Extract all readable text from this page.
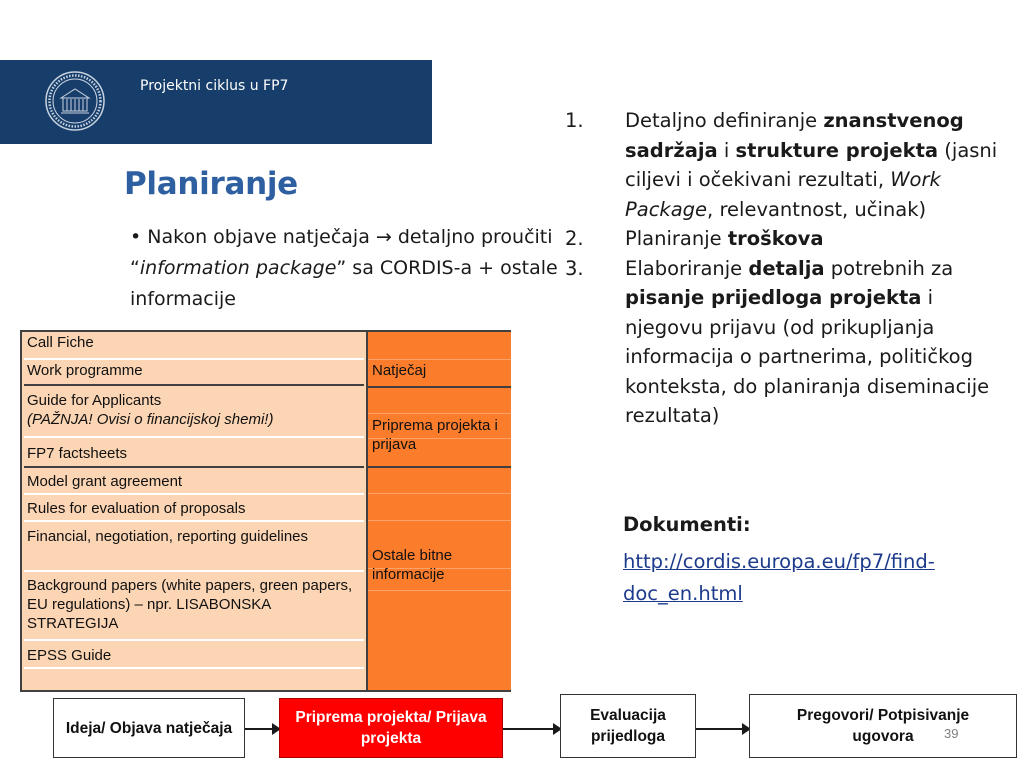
Projektni ciklus u FP7
Planiranje
• Nakon objave natječaja → detaljno proučiti “information package” sa CORDIS-a + ostale informacije
Call Fiche
Work programme
Guide for Applicants
(PAŽNJA! Ovisi o financijskoj shemi!)
FP7 factsheets
Model grant agreement
Rules for evaluation of proposals
Financial, negotiation, reporting guidelines
Background papers (white papers, green papers, EU regulations) – npr. LISABONSKA STRATEGIJA
EPSS Guide
Natječaj
Priprema projekta i prijava
Ostale bitne informacije
1. Detaljno definiranje znanstvenog sadržaja i strukture projekta (jasni ciljevi i očekivani rezultati, Work Package, relevantnost, učinak)
2. Planiranje troškova
3. Elaboriranje detalja potrebnih za pisanje prijedloga projekta i njegovu prijavu (od prikupljanja informacija o partnerima, političkog konteksta, do planiranja diseminacije rezultata)
Dokumenti:
http://cordis.europa.eu/fp7/find-doc_en.html
Ideja/ Objava natječaja
Priprema projekta/ Prijava projekta
Evaluacija prijedloga
Pregovori/ Potpisivanje ugovora	39
